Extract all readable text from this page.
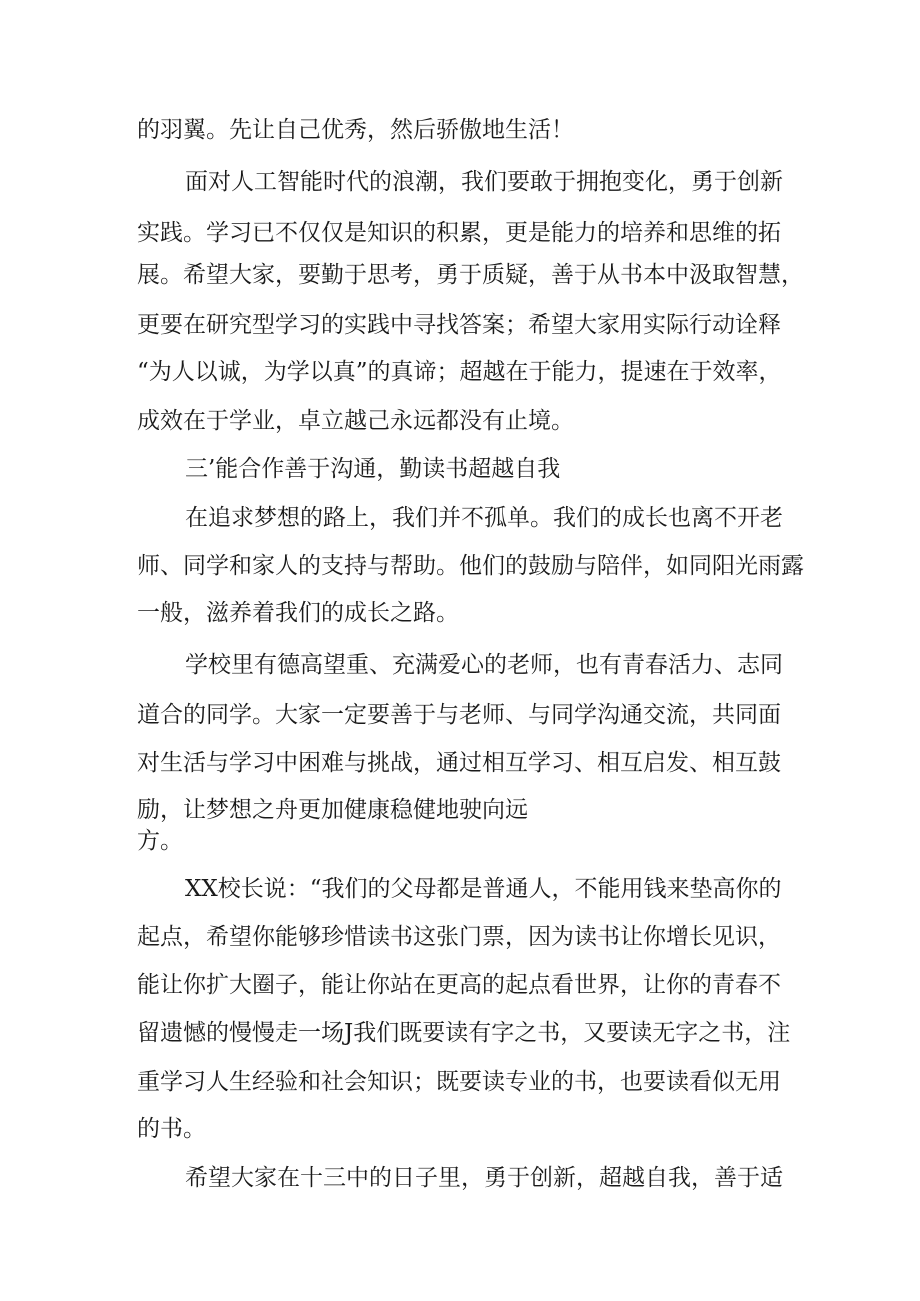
的羽翼。先让自己优秀，然后骄傲地生活！

面对人工智能时代的浪潮，我们要敢于拥抱变化，勇于创新

实践。学习已不仅仅是知识的积累，更是能力的培养和思维的拓

展。希望大家，要勤于思考，勇于质疑，善于从书本中汲取智慧，

更要在研究型学习的实践中寻找答案；希望大家用实际行动诠释

“为人以诚，为学以真”的真谛；超越在于能力，提速在于效率，

成效在于学业，卓立越己永远都没有止境。

三’能合作善于沟通，勤读书超越自我

在追求梦想的路上，我们并不孤单。我们的成长也离不开老

师、同学和家人的支持与帮助。他们的鼓励与陪伴，如同阳光雨露

一般，滋养着我们的成长之路。

学校里有德高望重、充满爱心的老师，也有青春活力、志同

道合的同学。大家一定要善于与老师、与同学沟通交流，共同面

对生活与学习中困难与挑战，通过相互学习、相互启发、相互鼓

励，让梦想之舟更加健康稳健地驶向远

方。

XX校长说：“我们的父母都是普通人，不能用钱来垫高你的

起点，希望你能够珍惜读书这张门票，因为读书让你增长见识，

能让你扩大圈子，能让你站在更高的起点看世界，让你的青春不

留遗憾的慢慢走一场J我们既要读有字之书，又要读无字之书，注

重学习人生经验和社会知识；既要读专业的书，也要读看似无用

的书。

希望大家在十三中的日子里，勇于创新，超越自我，善于适
